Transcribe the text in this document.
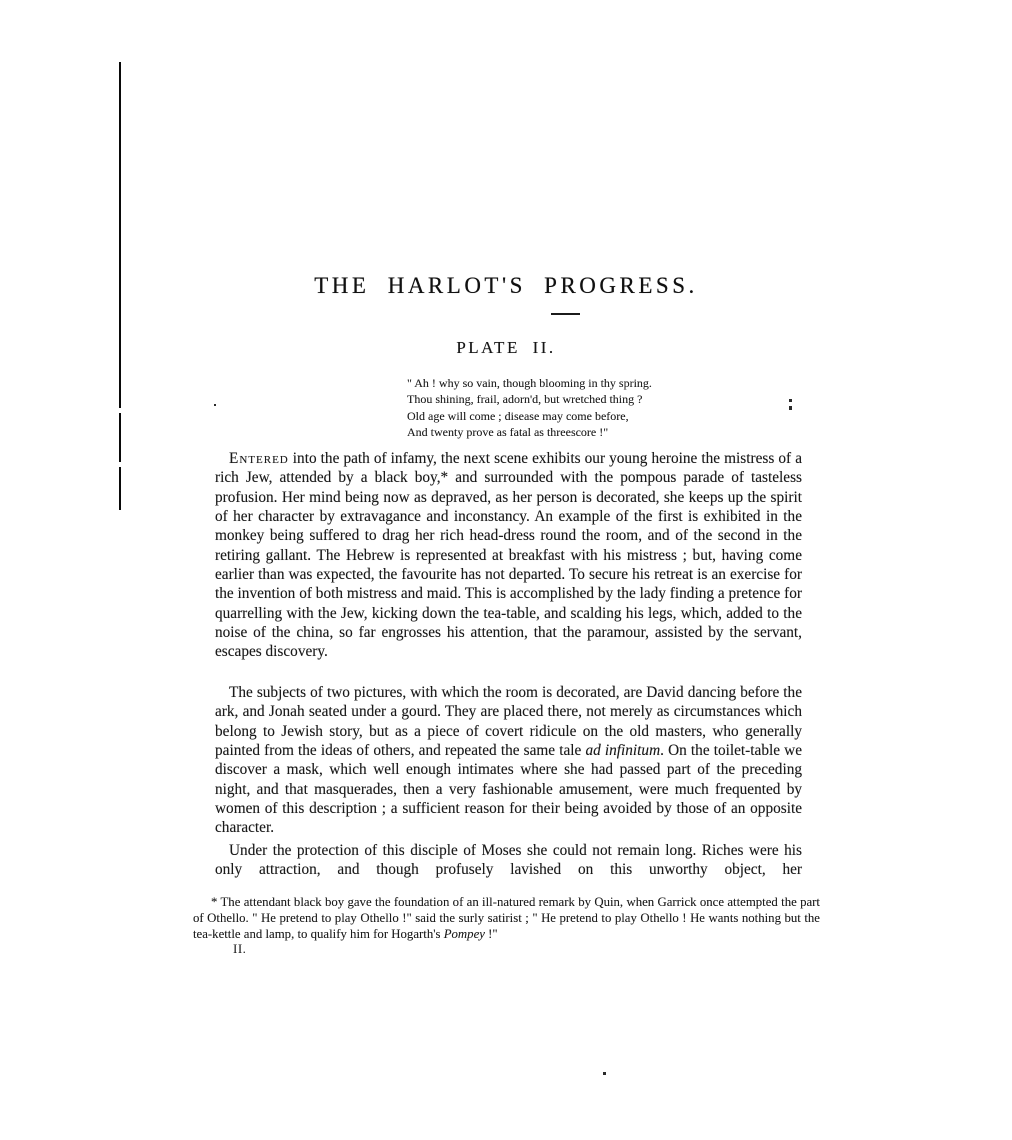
THE HARLOT'S PROGRESS.
PLATE II.
" Ah ! why so vain, though blooming in thy spring.
Thou shining, frail, adorn'd, but wretched thing ?
Old age will come ; disease may come before,
And twenty prove as fatal as threescore !"

Entered into the path of infamy, the next scene exhibits our young heroine the mistress of a rich Jew, attended by a black boy,* and surrounded with the pompous parade of tasteless profusion. Her mind being now as depraved, as her person is decorated, she keeps up the spirit of her character by extravagance and inconstancy. An example of the first is exhibited in the monkey being suffered to drag her rich head-dress round the room, and of the second in the retiring gallant. The Hebrew is represented at breakfast with his mistress ; but, having come earlier than was expected, the favourite has not departed. To secure his retreat is an exercise for the invention of both mistress and maid. This is accomplished by the lady finding a pretence for quarrelling with the Jew, kicking down the tea-table, and scalding his legs, which, added to the noise of the china, so far engrosses his attention, that the paramour, assisted by the servant, escapes discovery.

The subjects of two pictures, with which the room is decorated, are David dancing before the ark, and Jonah seated under a gourd. They are placed there, not merely as circumstances which belong to Jewish story, but as a piece of covert ridicule on the old masters, who generally painted from the ideas of others, and repeated the same tale ad infinitum. On the toilet-table we discover a mask, which well enough intimates where she had passed part of the preceding night, and that masquerades, then a very fashionable amusement, were much frequented by women of this description ; a sufficient reason for their being avoided by those of an opposite character.

Under the protection of this disciple of Moses she could not remain long. Riches were his only attraction, and though profusely lavished on this unworthy object, her

* The attendant black boy gave the foundation of an ill-natured remark by Quin, when Garrick once attempted the part of Othello. " He pretend to play Othello !" said the surly satirist ; " He pretend to play Othello ! He wants nothing but the tea-kettle and lamp, to qualify him for Hogarth's Pompey !"
II.
